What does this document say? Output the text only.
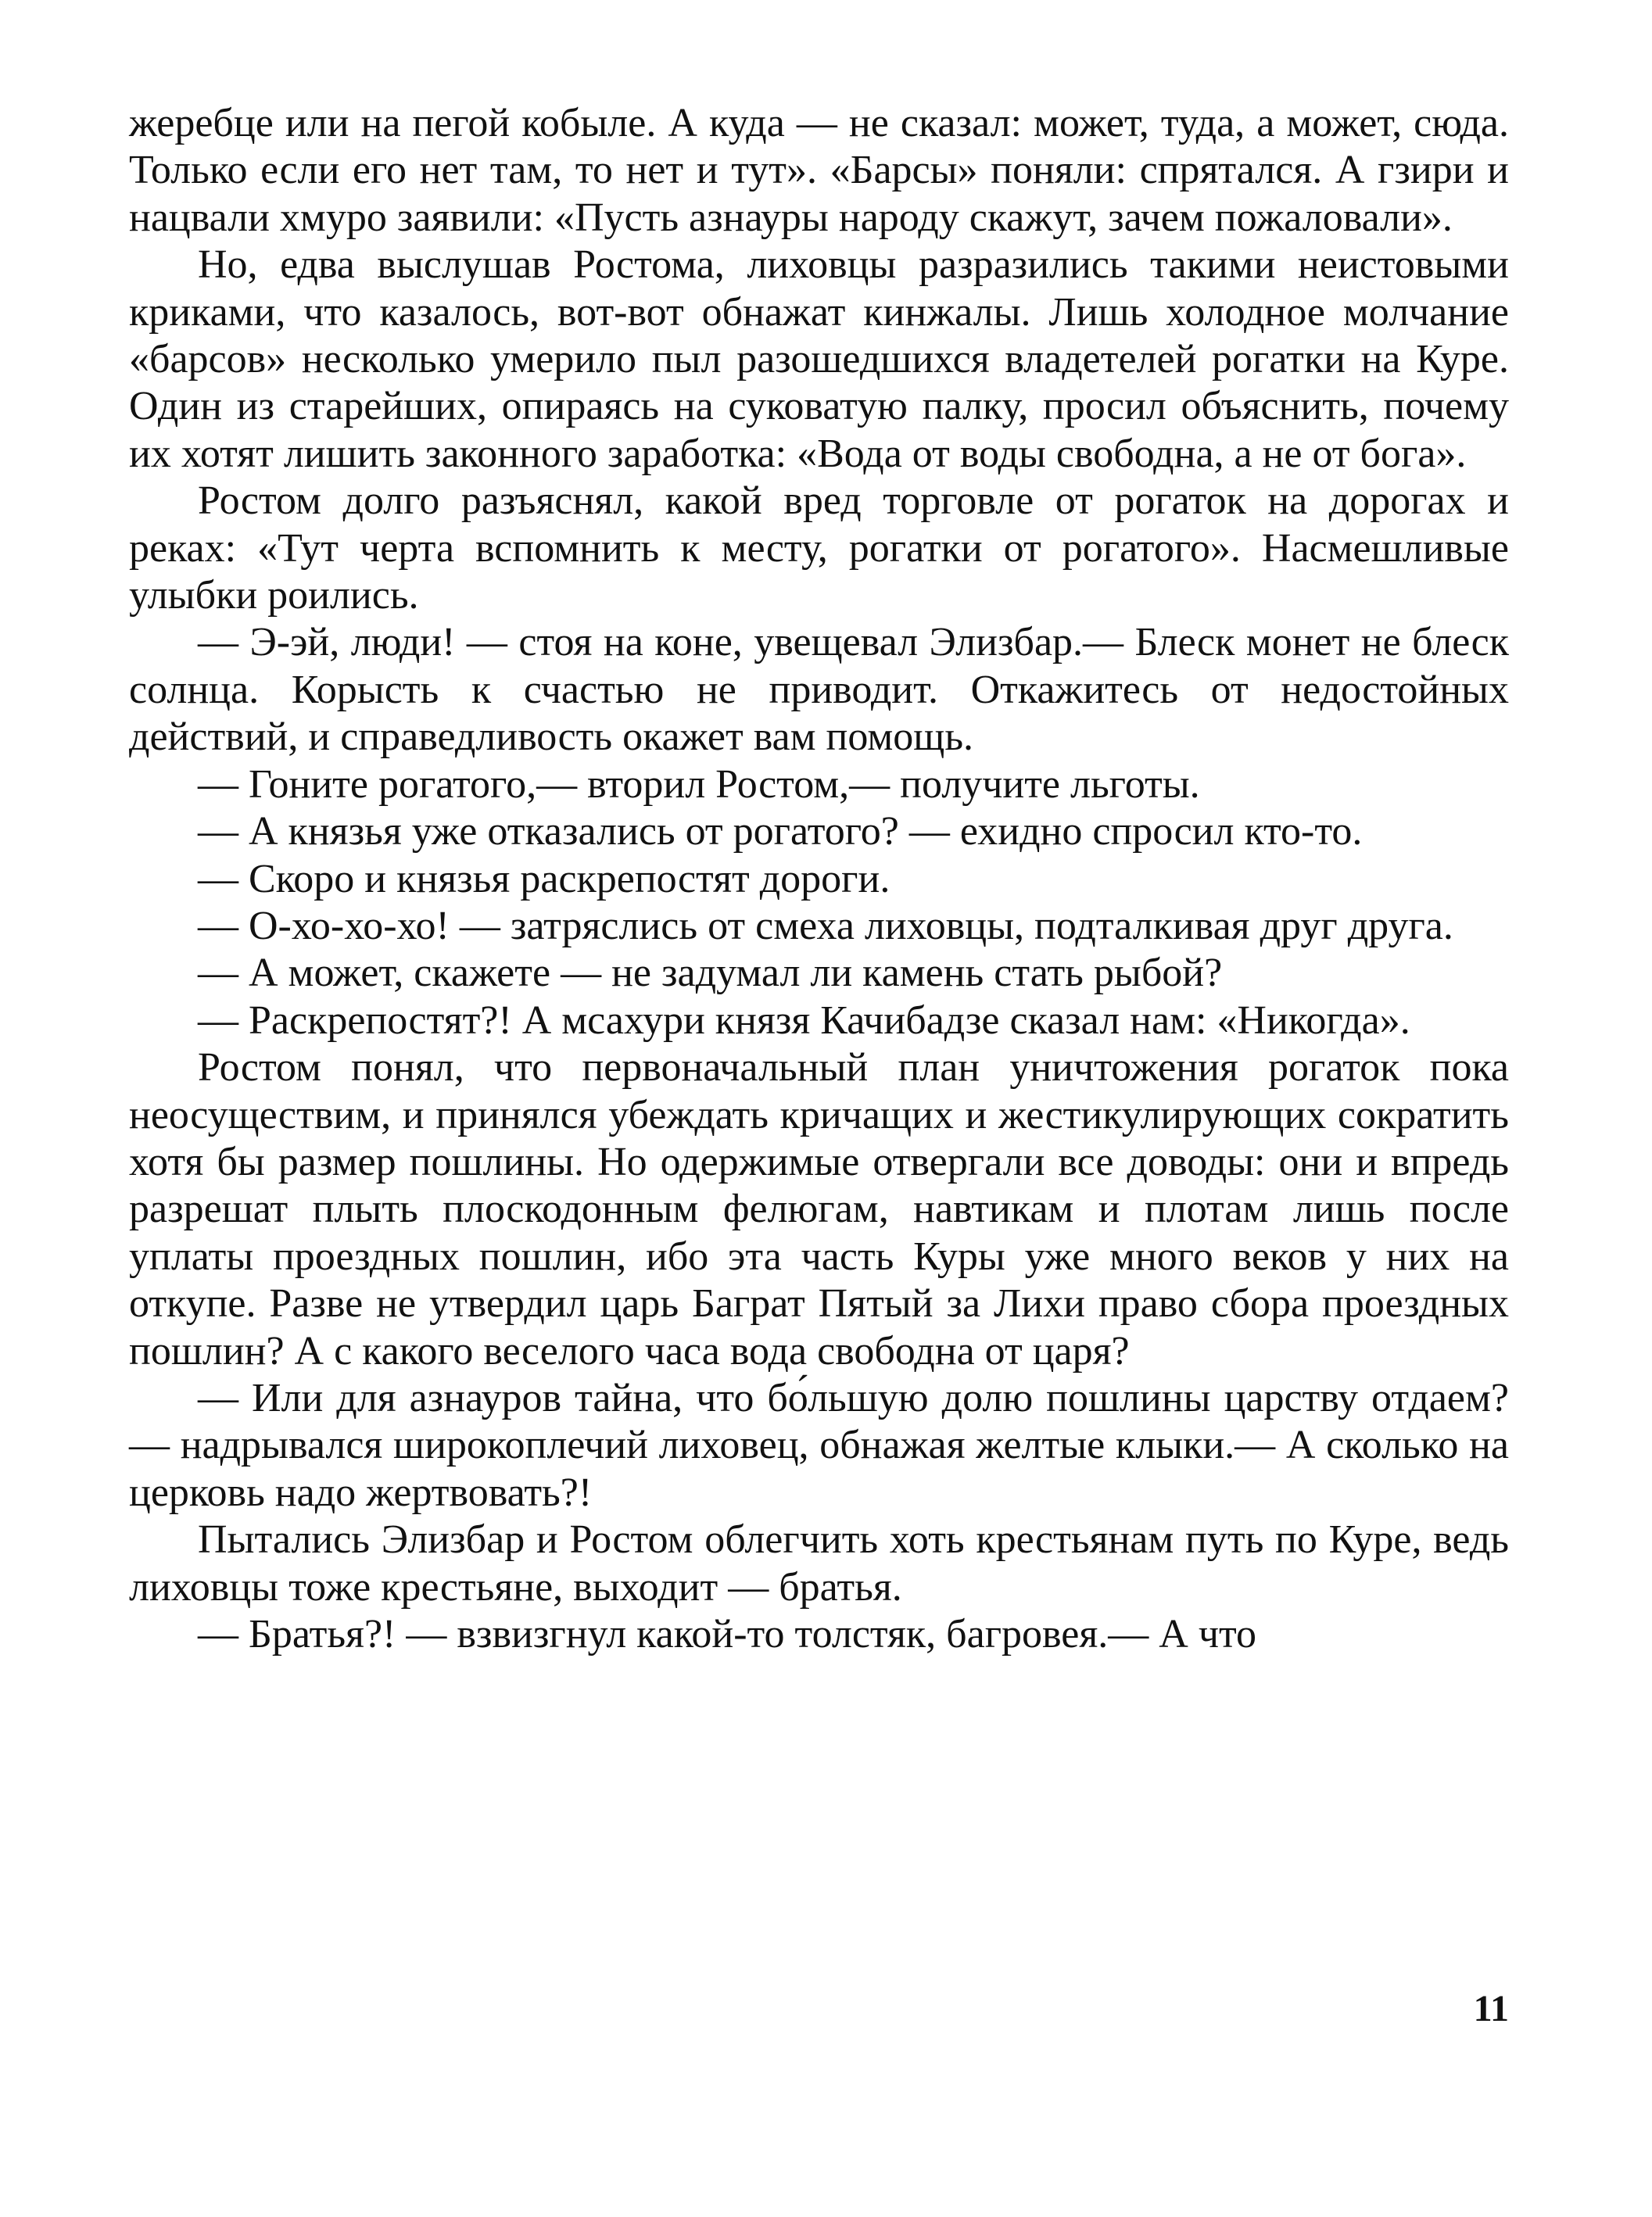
жеребце или на пегой кобыле. А куда — не сказал: может, туда, а может, сюда. Только если его нет там, то нет и тут». «Барсы» поняли: спрятался. А гзири и нацвали хмуро заявили: «Пусть азнауры народу скажут, зачем пожаловали».

Но, едва выслушав Ростома, лиховцы разразились такими неистовыми криками, что казалось, вот-вот обнажат кинжалы. Лишь холодное молчание «барсов» несколько умерило пыл разошедшихся владетелей рогатки на Куре. Один из старейших, опираясь на суковатую палку, просил объяснить, почему их хотят лишить законного заработка: «Вода от воды свободна, а не от бога».

Ростом долго разъяснял, какой вред торговле от рогаток на дорогах и реках: «Тут черта вспомнить к месту, рогатки от рогатого». Насмешливые улыбки роились.

— Э-эй, люди! — стоя на коне, увещевал Элизбар.— Блеск монет не блеск солнца. Корысть к счастью не приводит. Откажитесь от недостойных действий, и справедливость окажет вам помощь.

— Гоните рогатого,— вторил Ростом,— получите льготы.

— А князья уже отказались от рогатого? — ехидно спросил кто-то.

— Скоро и князья раскрепостят дороги.

— О-хо-хо-хо! — затряслись от смеха лиховцы, подталкивая друг друга.

— А может, скажете — не задумал ли камень стать рыбой?

— Раскрепостят?! А мсахури князя Качибадзе сказал нам: «Никогда».

Ростом понял, что первоначальный план уничтожения рогаток пока неосуществим, и принялся убеждать кричащих и жестикулирующих сократить хотя бы размер пошлины. Но одержимые отвергали все доводы: они и впредь разрешат плыть плоскодонным фелюгам, навтикам и плотам лишь после уплаты проездных пошлин, ибо эта часть Куры уже много веков у них на откупе. Разве не утвердил царь Баграт Пятый за Лихи право сбора проездных пошлин? А с какого веселого часа вода свободна от царя?

— Или для азнауров тайна, что бо́льшую долю пошлины царству отдаем? — надрывался широкоплечий лиховец, обнажая желтые клыки.— А сколько на церковь надо жертвовать?!

Пытались Элизбар и Ростом облегчить хоть крестьянам путь по Куре, ведь лиховцы тоже крестьяне, выходит — братья.

— Братья?! — взвизгнул какой-то толстяк, багровея.— А что

11
